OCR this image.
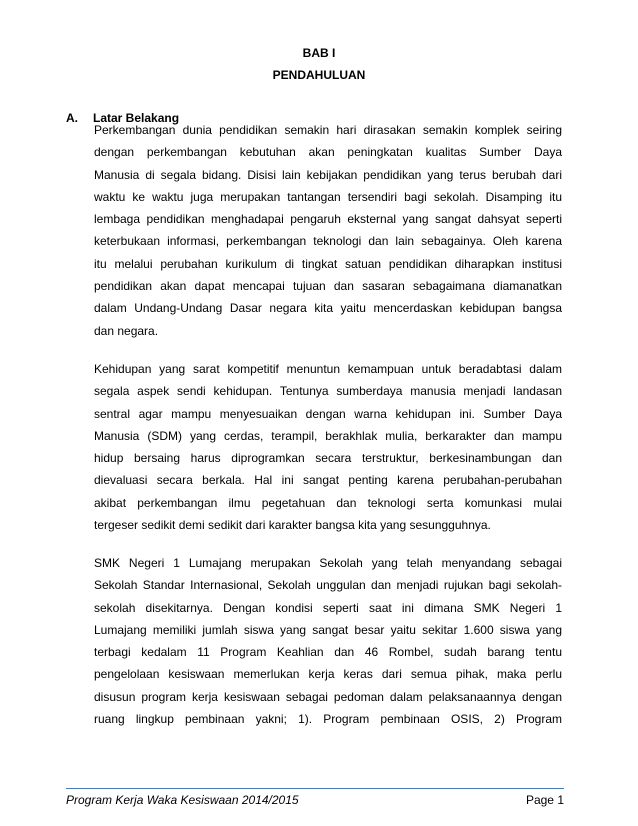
BAB I
PENDAHULUAN
A. Latar Belakang
Perkembangan dunia pendidikan semakin hari dirasakan semakin komplek seiring
dengan perkembangan kebutuhan akan peningkatan kualitas Sumber Daya
Manusia di segala bidang. Disisi lain kebijakan pendidikan yang terus berubah dari
waktu ke waktu juga merupakan tantangan tersendiri bagi sekolah. Disamping itu
lembaga pendidikan menghadapai pengaruh eksternal yang sangat dahsyat seperti
keterbukaan informasi, perkembangan teknologi dan lain sebagainya. Oleh karena
itu melalui perubahan kurikulum di tingkat satuan pendidikan diharapkan institusi
pendidikan akan dapat mencapai tujuan dan sasaran sebagaimana diamanatkan
dalam Undang-Undang Dasar negara kita yaitu mencerdaskan kebidupan bangsa
dan negara.
Kehidupan yang sarat kompetitif menuntun kemampuan untuk beradabtasi dalam
segala aspek sendi kehidupan. Tentunya sumberdaya manusia menjadi landasan
sentral agar mampu menyesuaikan dengan warna kehidupan ini. Sumber Daya
Manusia (SDM) yang cerdas, terampil, berakhlak mulia, berkarakter dan mampu
hidup bersaing harus diprogramkan secara terstruktur, berkesinambungan dan
dievaluasi secara berkala. Hal ini sangat penting karena perubahan-perubahan
akibat perkembangan ilmu pegetahuan dan teknologi serta komunkasi mulai
tergeser sedikit demi sedikit dari karakter bangsa kita yang sesungguhnya.
SMK Negeri 1 Lumajang merupakan Sekolah yang telah menyandang sebagai
Sekolah Standar Internasional, Sekolah unggulan dan menjadi rujukan bagi sekolah-
sekolah disekitarnya. Dengan kondisi seperti saat ini dimana SMK Negeri 1
Lumajang memiliki jumlah siswa yang sangat besar yaitu sekitar 1.600 siswa yang
terbagi kedalam 11 Program Keahlian dan 46 Rombel, sudah barang tentu
pengelolaan kesiswaan memerlukan kerja keras dari semua pihak, maka perlu
disusun program kerja kesiswaan sebagai pedoman dalam pelaksanaannya dengan
ruang lingkup pembinaan yakni; 1). Program pembinaan OSIS, 2) Program
Program Kerja Waka Kesiswaan 2014/2015	Page 1
